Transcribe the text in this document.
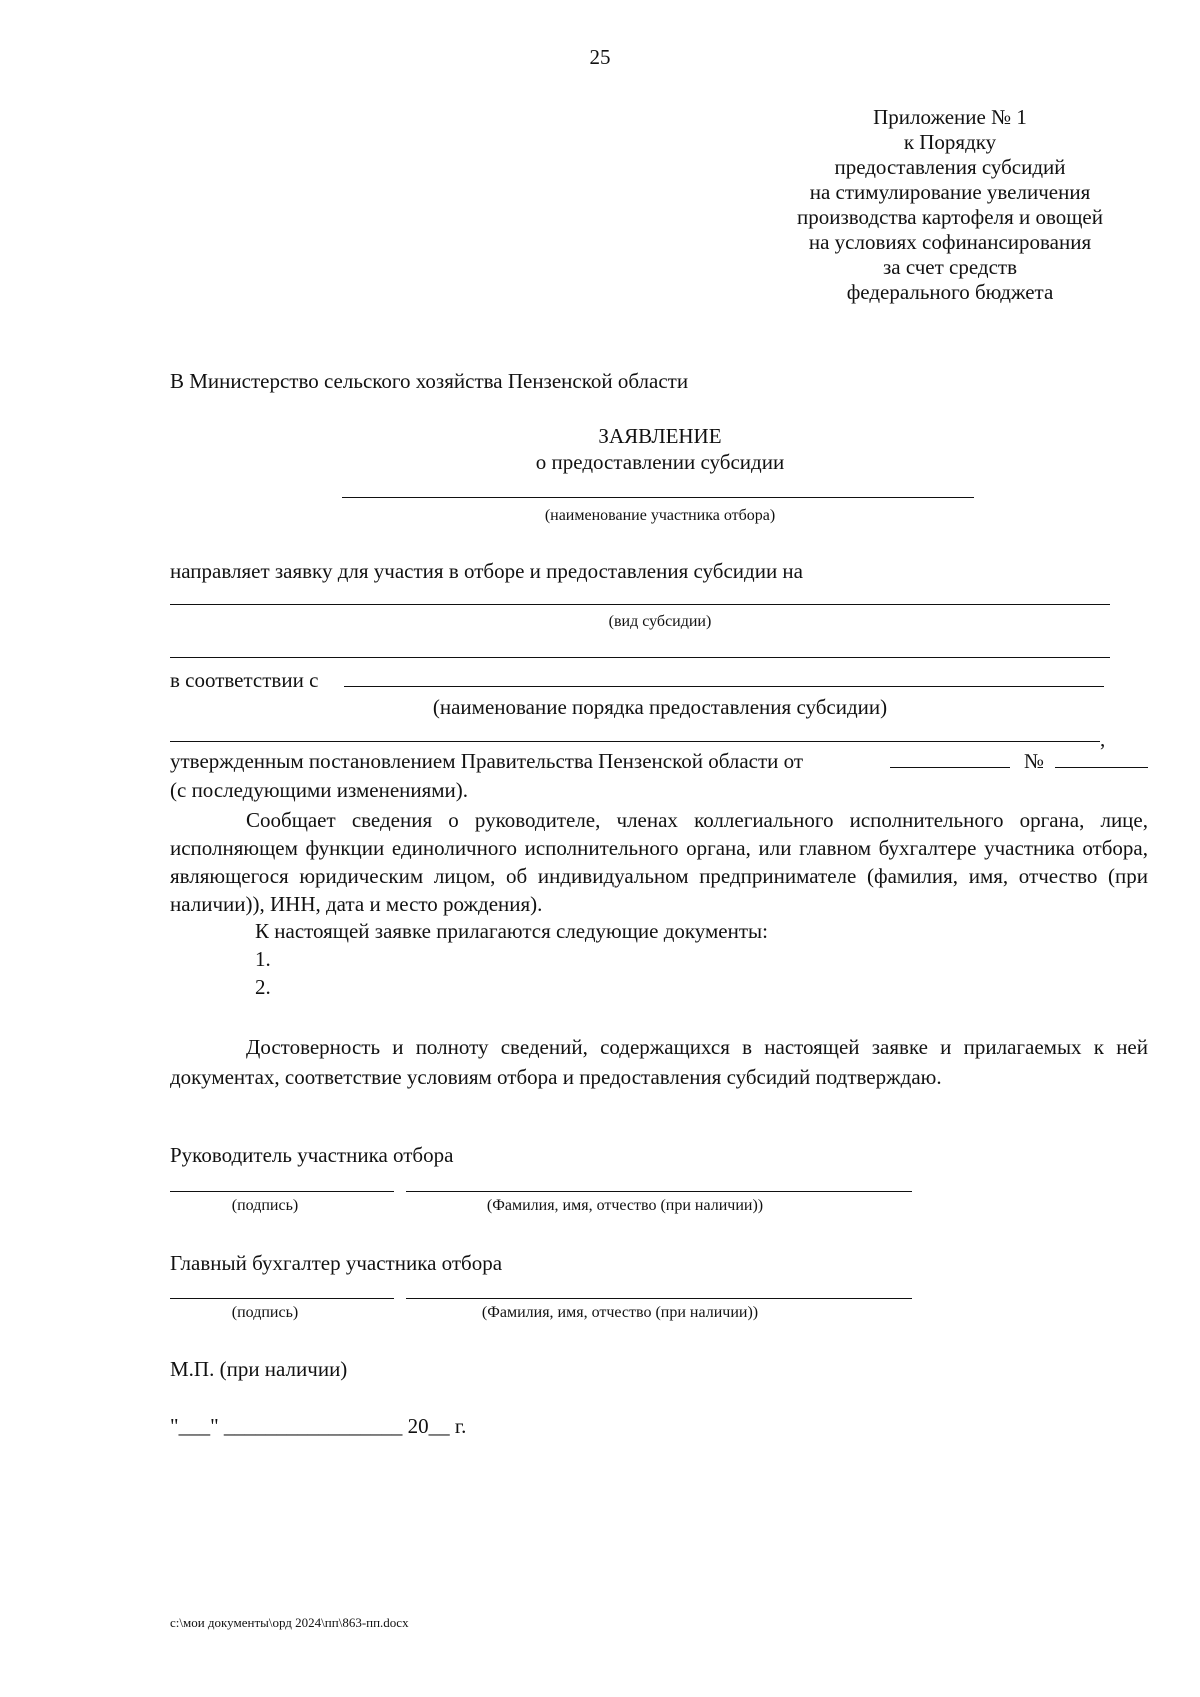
25
Приложение № 1
к Порядку
предоставления субсидий
на стимулирование увеличения
производства картофеля и овощей
на условиях софинансирования
за счет средств
федерального бюджета
В Министерство сельского хозяйства Пензенской области
ЗАЯВЛЕНИЕ
о предоставлении субсидии
(наименование участника отбора)
направляет заявку для участия в отборе и предоставления субсидии на
(вид субсидии)
в соответствии с
(наименование порядка предоставления субсидии)
,
утвержденным постановлением Правительства Пензенской области от	№
(с последующими изменениями).
Сообщает сведения о руководителе, членах коллегиального исполнительного органа, лице, исполняющем функции единоличного исполнительного органа, или главном бухгалтере участника отбора, являющегося юридическим лицом, об индивидуальном предпринимателе (фамилия, имя, отчество (при наличии)), ИНН, дата и место рождения).
К настоящей заявке прилагаются следующие документы:
1.
2.
Достоверность и полноту сведений, содержащихся в настоящей заявке и прилагаемых к ней документах, соответствие условиям отбора и предоставления субсидий подтверждаю.
Руководитель участника отбора
(подпись)	(Фамилия, имя, отчество (при наличии))
Главный бухгалтер участника отбора
(подпись)	(Фамилия, имя, отчество (при наличии))
М.П. (при наличии)
"___" _________________ 20__ г.
c:\мои документы\орд 2024\пп\863-пп.docx
